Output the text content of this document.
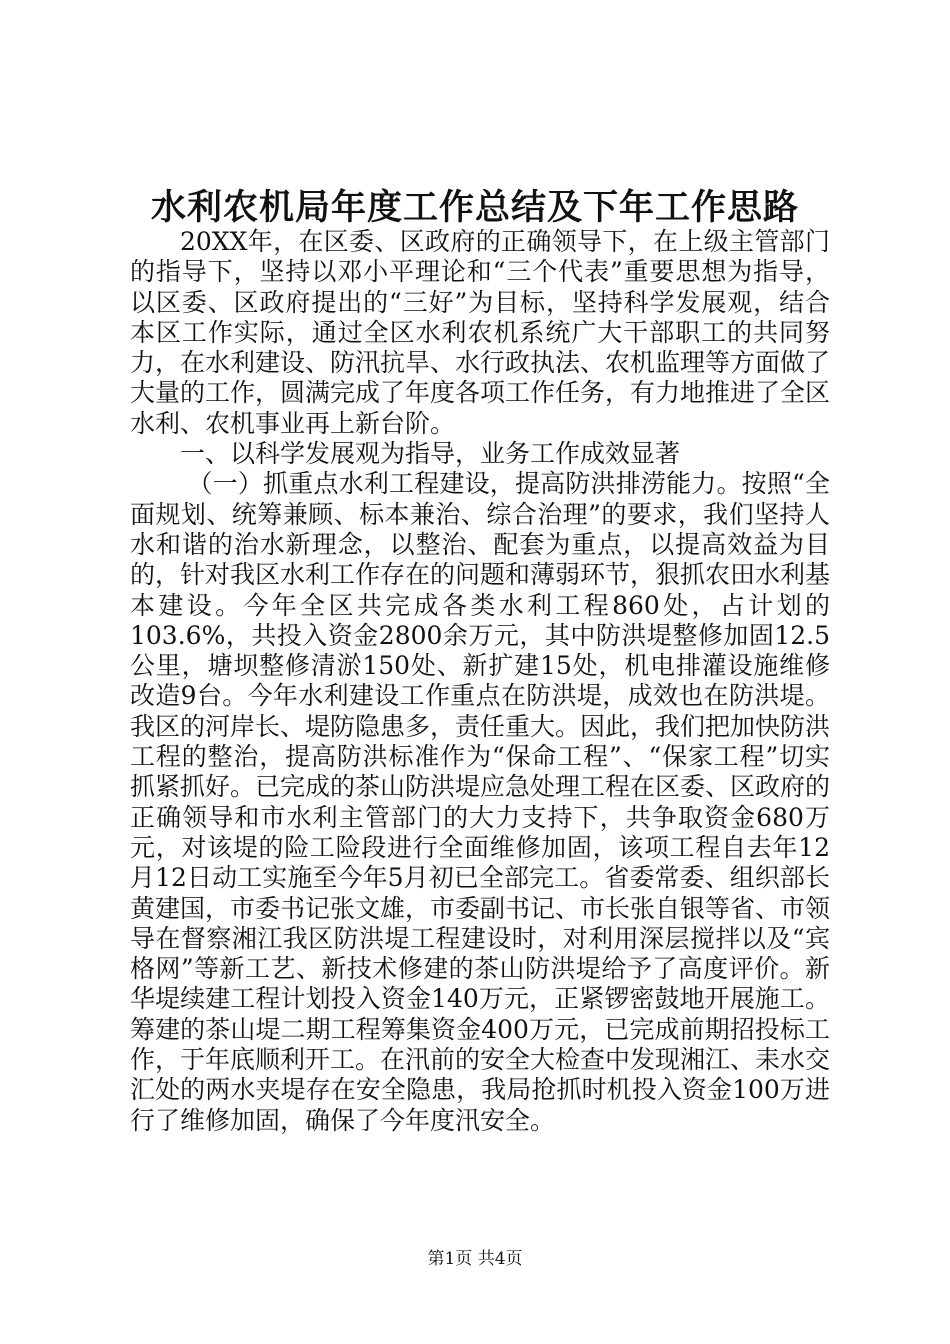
水利农机局年度工作总结及下年工作思路

20XX年，在区委、区政府的正确领导下，在上级主管部门的指导下，坚持以邓小平理论和“三个代表”重要思想为指导，以区委、区政府提出的“三好”为目标，坚持科学发展观，结合本区工作实际，通过全区水利农机系统广大干部职工的共同努力，在水利建设、防汛抗旱、水行政执法、农机监理等方面做了大量的工作，圆满完成了年度各项工作任务，有力地推进了全区水利、农机事业再上新台阶。

一、以科学发展观为指导，业务工作成效显著

（一）抓重点水利工程建设，提高防洪排涝能力。按照“全面规划、统筹兼顾、标本兼治、综合治理”的要求，我们坚持人水和谐的治水新理念，以整治、配套为重点，以提高效益为目的，针对我区水利工作存在的问题和薄弱环节，狠抓农田水利基本建设。今年全区共完成各类水利工程860处，占计划的103.6%，共投入资金2800余万元，其中防洪堤整修加固12.5公里，塘坝整修清淤150处、新扩建15处，机电排灌设施维修改造9台。今年水利建设工作重点在防洪堤，成效也在防洪堤。我区的河岸长、堤防隐患多，责任重大。因此，我们把加快防洪工程的整治，提高防洪标准作为“保命工程”、“保家工程”切实抓紧抓好。已完成的茶山防洪堤应急处理工程在区委、区政府的正确领导和市水利主管部门的大力支持下，共争取资金680万元，对该堤的险工险段进行全面维修加固，该项工程自去年12月12日动工实施至今年5月初已全部完工。省委常委、组织部长黄建国，市委书记张文雄，市委副书记、市长张自银等省、市领导在督察湘江我区防洪堤工程建设时，对利用深层搅拌以及“宾格网”等新工艺、新技术修建的茶山防洪堤给予了高度评价。新华堤续建工程计划投入资金140万元，正紧锣密鼓地开展施工。筹建的茶山堤二期工程筹集资金400万元，已完成前期招投标工作，于年底顺利开工。在汛前的安全大检查中发现湘江、耒水交汇处的两水夹堤存在安全隐患，我局抢抓时机投入资金100万进行了维修加固，确保了今年度汛安全。

第1页 共4页
